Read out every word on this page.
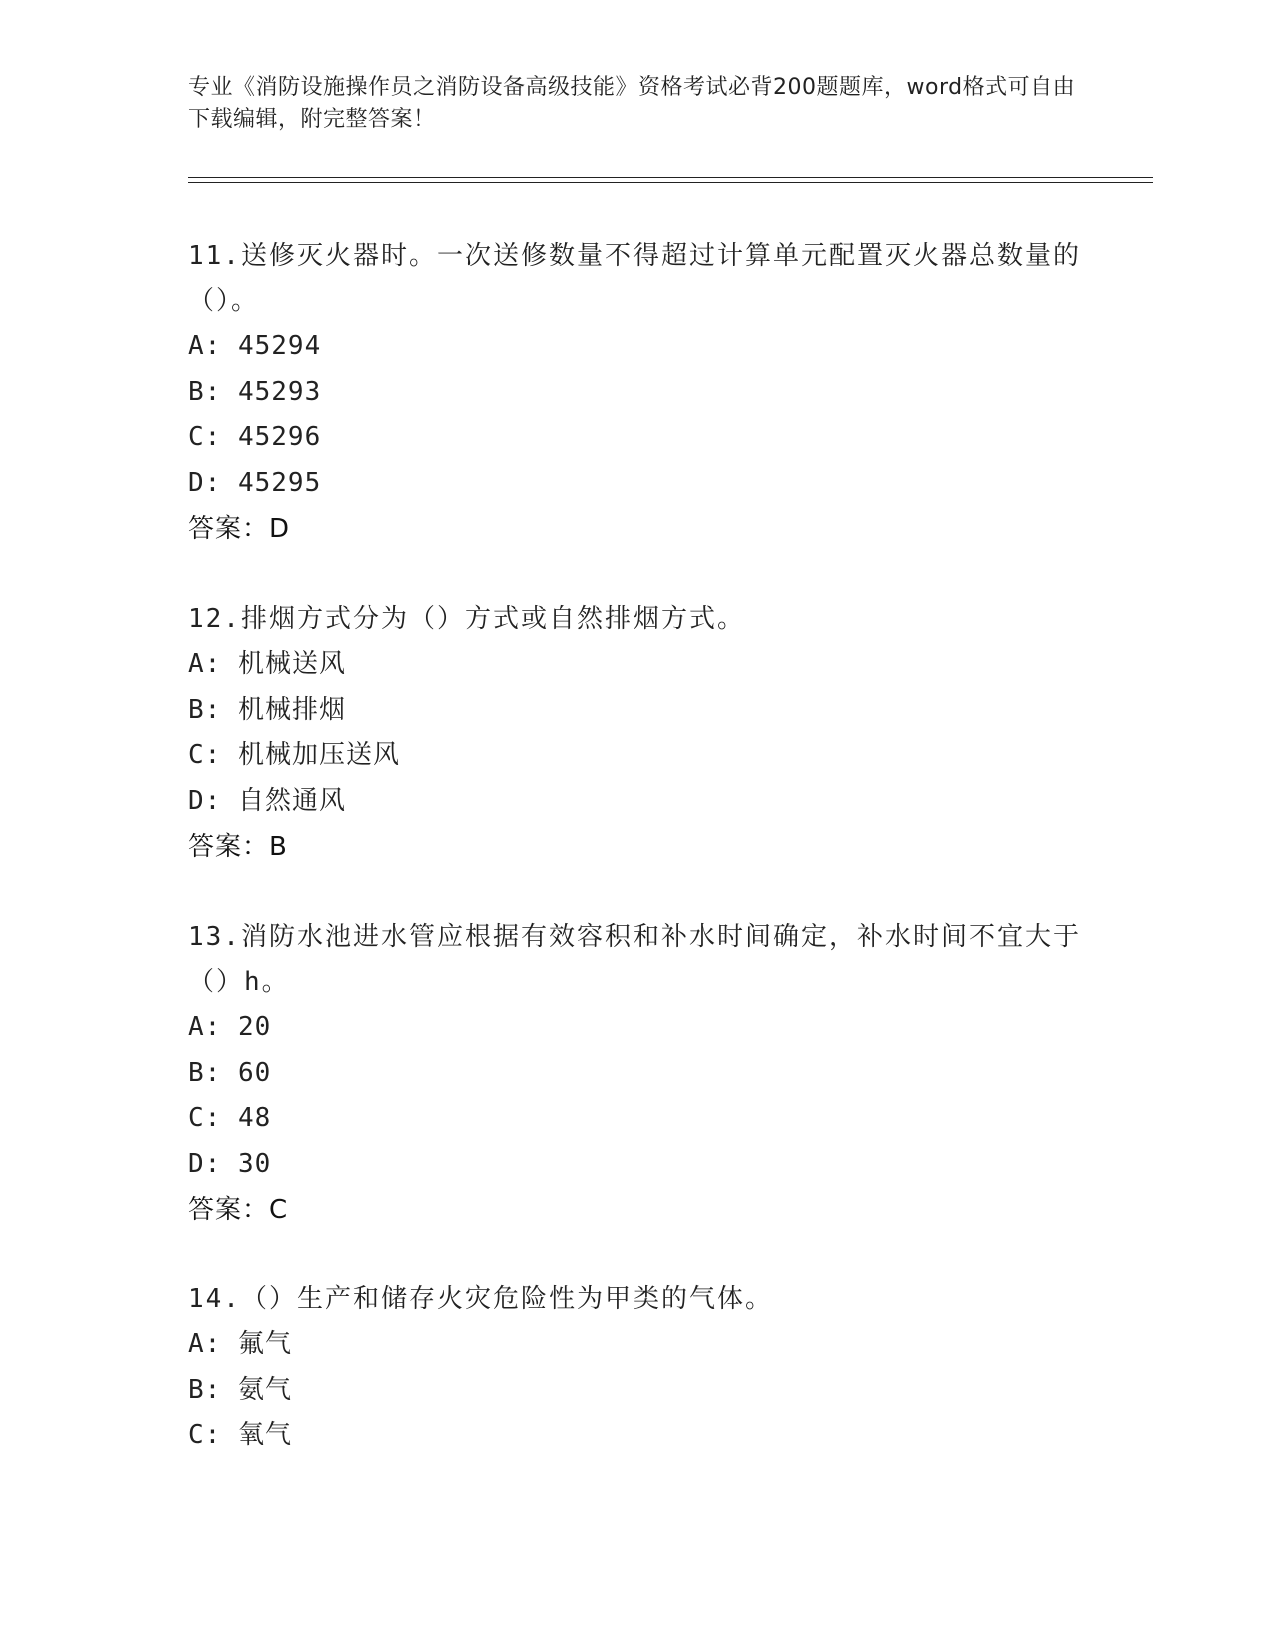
专业《消防设施操作员之消防设备高级技能》资格考试必背200题题库，word格式可自由下载编辑，附完整答案！

11.送修灭火器时。一次送修数量不得超过计算单元配置灭火器总数量的（）。

A: 45294

B: 45293

C: 45296

D: 45295

答案：D

12.排烟方式分为（）方式或自然排烟方式。

A: 机械送风

B: 机械排烟

C: 机械加压送风

D: 自然通风

答案：B

13.消防水池进水管应根据有效容积和补水时间确定，补水时间不宜大于（）h。

A: 20

B: 60

C: 48

D: 30

答案：C

14.（）生产和储存火灾危险性为甲类的气体。

A: 氟气

B: 氨气

C: 氧气
